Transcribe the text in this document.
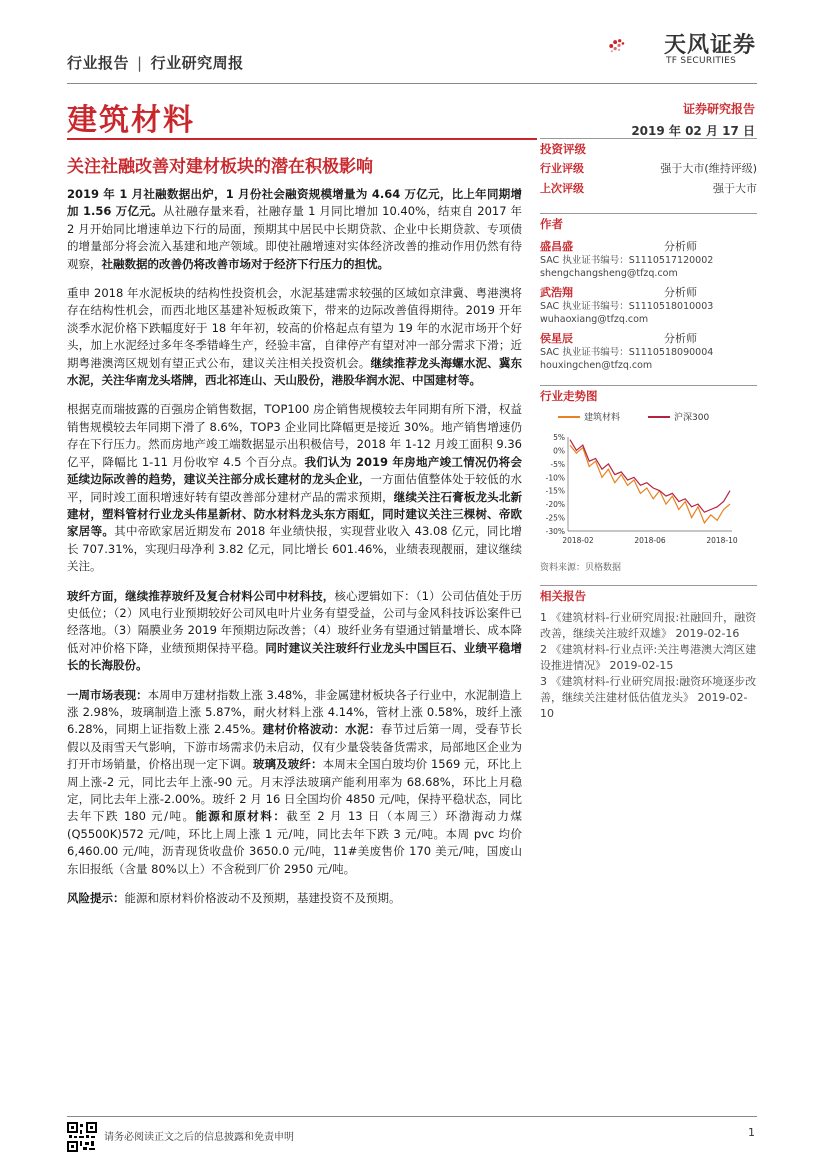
行业报告 | 行业研究周报
天风证券
TF SECURITIES
建筑材料	证券研究报告
2019 年 02 月 17 日
关注社融改善对建材板块的潜在积极影响

2019 年 1 月社融数据出炉，1 月份社会融资规模增量为 4.64 万亿元，比上年同期增加 1.56 万亿元。从社融存量来看，社融存量 1 月同比增加 10.40%，结束自 2017 年 2 月开始同比增速单边下行的局面，预期其中居民中长期贷款、企业中长期贷款、专项债的增量部分将会流入基建和地产领域。即使社融增速对实体经济改善的推动作用仍然有待观察，社融数据的改善仍将改善市场对于经济下行压力的担忧。

重申 2018 年水泥板块的结构性投资机会，水泥基建需求较强的区域如京津冀、粤港澳将存在结构性机会，而西北地区基建补短板政策下，带来的边际改善值得期待。2019 开年淡季水泥价格下跌幅度好于 18 年年初，较高的价格起点有望为 19 年的水泥市场开个好头，加上水泥经过多年冬季错峰生产，经验丰富，自律停产有望对冲一部分需求下滑；近期粤港澳湾区规划有望正式公布，建议关注相关投资机会。继续推荐龙头海螺水泥、冀东水泥，关注华南龙头塔牌，西北祁连山、天山股份，港股华润水泥、中国建材等。

根据克而瑞披露的百强房企销售数据，TOP100 房企销售规模较去年同期有所下滑，权益销售规模较去年同期下滑了 8.6%，TOP3 企业同比降幅更是接近 30%。地产销售增速仍存在下行压力。然而房地产竣工端数据显示出积极信号，2018 年 1-12 月竣工面积 9.36 亿平，降幅比 1-11 月份收窄 4.5 个百分点。我们认为 2019 年房地产竣工情况仍将会延续边际改善的趋势，建议关注部分成长建材的龙头企业，一方面估值整体处于较低的水平，同时竣工面积增速好转有望改善部分建材产品的需求预期，继续关注石膏板龙头北新建材，塑料管材行业龙头伟星新材、防水材料龙头东方雨虹，同时建议关注三棵树、帝欧家居等。其中帝欧家居近期发布 2018 年业绩快报，实现营业收入 43.08 亿元，同比增长 707.31%，实现归母净利 3.82 亿元，同比增长 601.46%，业绩表现靓丽，建议继续关注。

玻纤方面，继续推荐玻纤及复合材料公司中材科技，核心逻辑如下：（1）公司估值处于历史低位；（2）风电行业预期较好公司风电叶片业务有望受益，公司与金风科技诉讼案件已经落地。（3）隔膜业务 2019 年预期边际改善；（4）玻纤业务有望通过销量增长、成本降低对冲价格下降，业绩预期保持平稳。同时建议关注玻纤行业龙头中国巨石、业绩平稳增长的长海股份。

一周市场表现：本周申万建材指数上涨 3.48%，非金属建材板块各子行业中，水泥制造上涨 2.98%，玻璃制造上涨 5.87%，耐火材料上涨 4.14%，管材上涨 0.58%，玻纤上涨 6.28%，同期上证指数上涨 2.45%。建材价格波动：水泥：春节过后第一周，受春节长假以及雨雪天气影响，下游市场需求仍未启动，仅有少量袋装备货需求，局部地区企业为打开市场销量，价格出现一定下调。玻璃及玻纤：本周末全国白玻均价 1569 元，环比上周上涨-2 元，同比去年上涨-90 元。月末浮法玻璃产能利用率为 68.68%，环比上月稳定，同比去年上涨-2.00%。玻纤 2 月 16 日全国均价 4850 元/吨，保持平稳状态，同比去年下跌 180 元/吨。能源和原材料：截至 2 月 13 日（本周三）环渤海动力煤(Q5500K)572 元/吨，环比上周上涨 1 元/吨，同比去年下跌 3 元/吨。本周 pvc 均价 6,460.00 元/吨，沥青现货收盘价 3650.0 元/吨，11#美废售价 170 美元/吨，国废山东旧报纸（含量 80%以上）不含税到厂价 2950 元/吨。

风险提示：能源和原材料价格波动不及预期，基建投资不及预期。

投资评级
行业评级	强于大市(维持评级)
上次评级	强于大市
作者
盛昌盛	分析师
SAC 执业证书编号：S1110517120002
shengchangsheng@tfzq.com
武浩翔	分析师
SAC 执业证书编号：S1110518010003
wuhaoxiang@tfzq.com
侯星辰	分析师
SAC 执业证书编号：S1110518090004
houxingchen@tfzq.com
行业走势图
建筑材料	沪深300
5%
0%
-5%
-10%
-15%
-20%
-25%
-30%
2018-02	2018-06	2018-10
资料来源：贝格数据
相关报告
1 《建筑材料-行业研究周报:社融回升，融资改善，继续关注玻纤双雄》 2019-02-16
2 《建筑材料-行业点评:关注粤港澳大湾区建设推进情况》 2019-02-15
3 《建筑材料-行业研究周报:融资环境逐步改善，继续关注建材低估值龙头》 2019-02-10
请务必阅读正文之后的信息披露和免责申明	1
